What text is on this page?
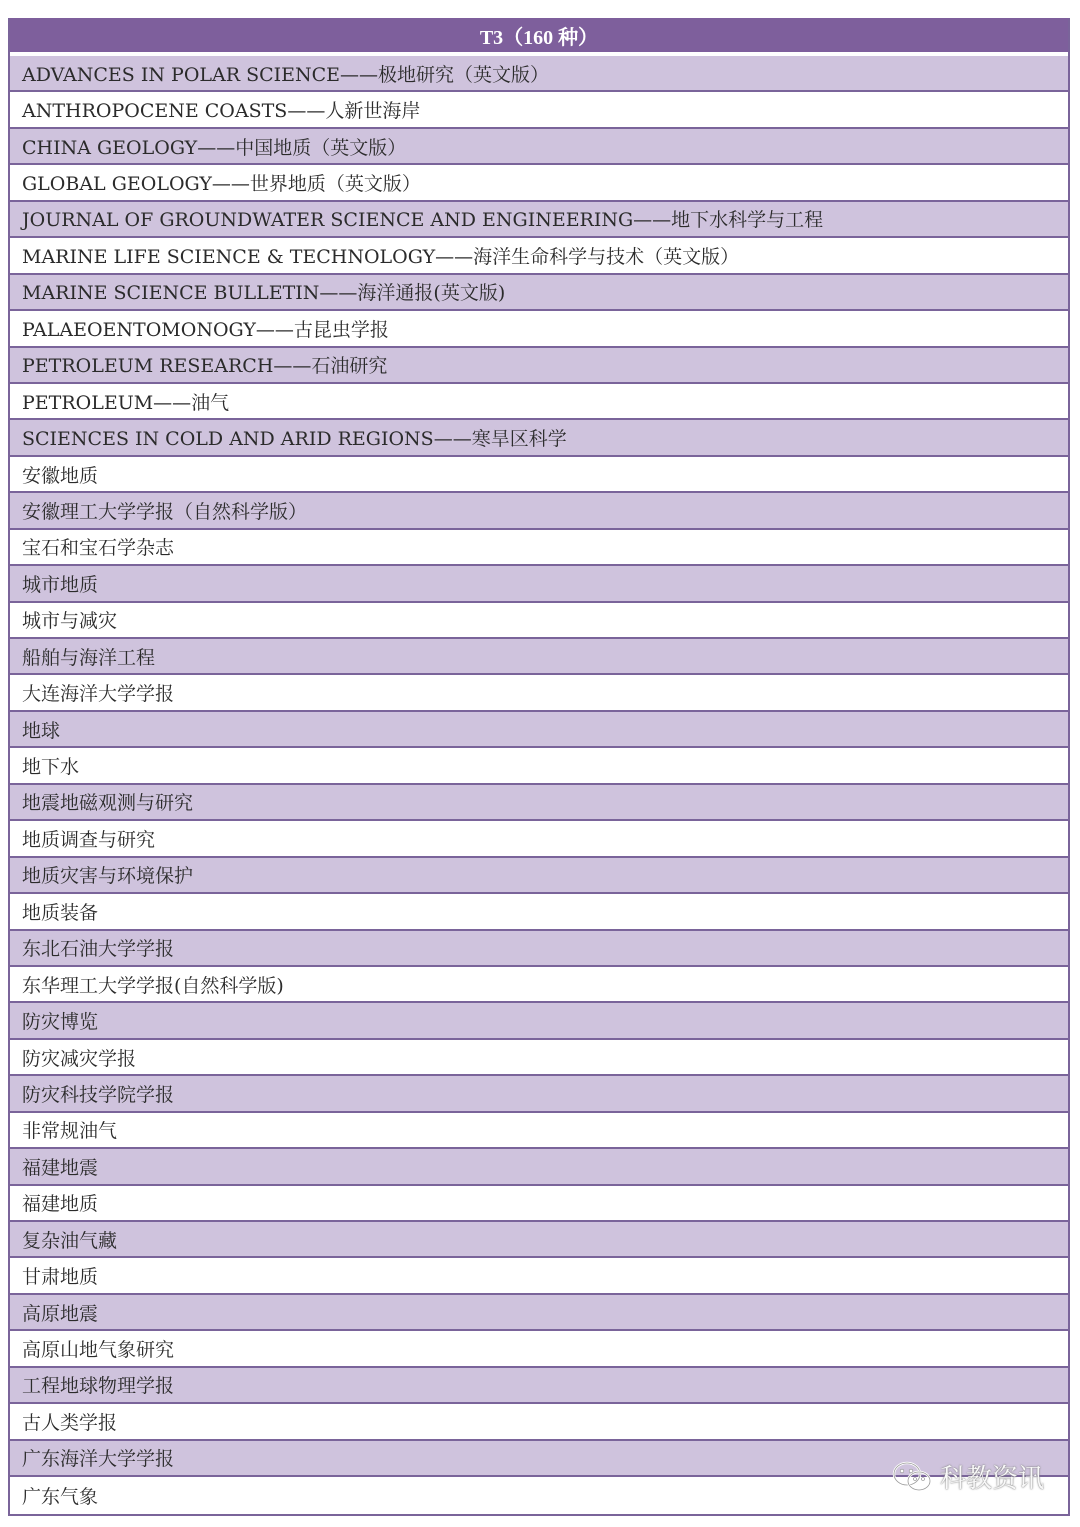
T3（160 种）
ADVANCES IN POLAR SCIENCE——极地研究（英文版）
ANTHROPOCENE COASTS——人新世海岸
CHINA GEOLOGY——中国地质（英文版）
GLOBAL GEOLOGY——世界地质（英文版）
JOURNAL OF GROUNDWATER SCIENCE AND ENGINEERING——地下水科学与工程
MARINE LIFE SCIENCE & TECHNOLOGY——海洋生命科学与技术（英文版）
MARINE SCIENCE BULLETIN——海洋通报(英文版)
PALAEOENTOMONOGY——古昆虫学报
PETROLEUM RESEARCH——石油研究
PETROLEUM——油气
SCIENCES IN COLD AND ARID REGIONS——寒旱区科学
安徽地质
安徽理工大学学报（自然科学版）
宝石和宝石学杂志
城市地质
城市与减灾
船舶与海洋工程
大连海洋大学学报
地球
地下水
地震地磁观测与研究
地质调查与研究
地质灾害与环境保护
地质装备
东北石油大学学报
东华理工大学学报(自然科学版)
防灾博览
防灾减灾学报
防灾科技学院学报
非常规油气
福建地震
福建地质
复杂油气藏
甘肃地质
高原地震
高原山地气象研究
工程地球物理学报
古人类学报
广东海洋大学学报
广东气象
科教资讯
